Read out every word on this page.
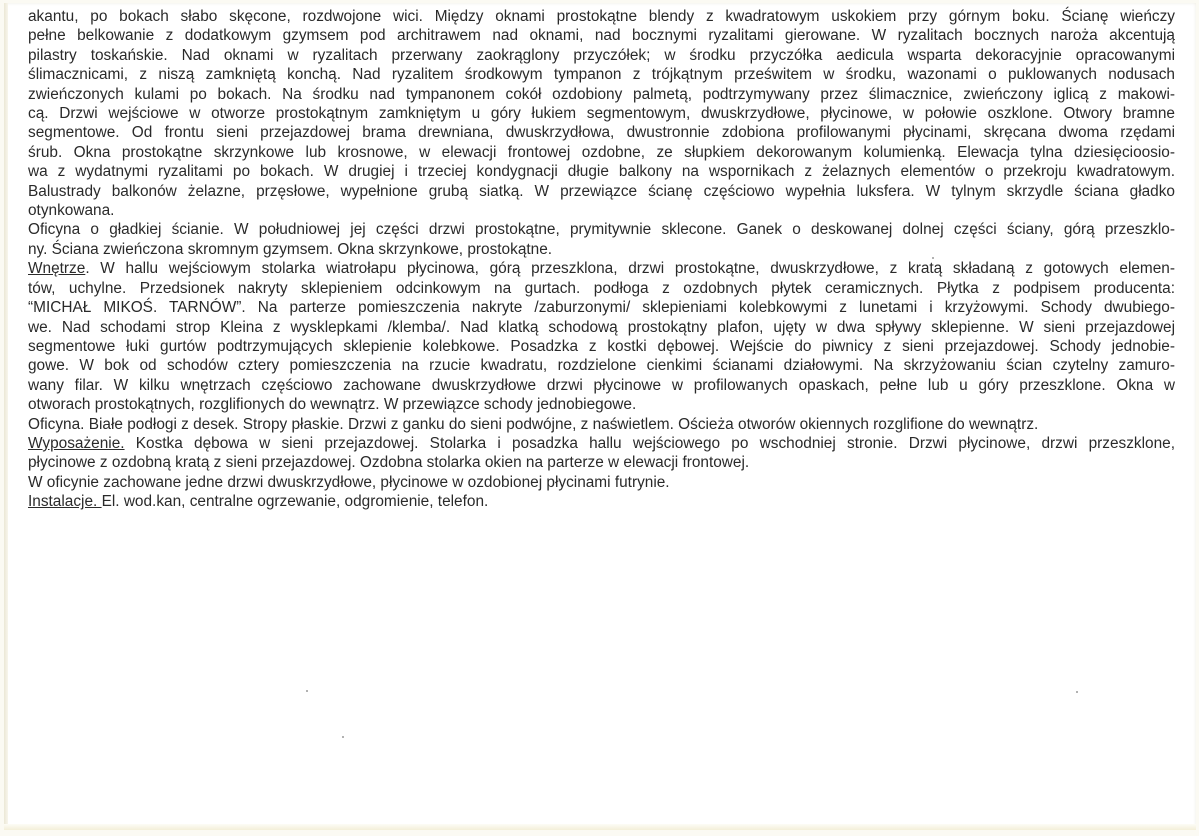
akantu, po bokach słabo skęcone, rozdwojone wici. Między oknami prostokątne blendy z kwadratowym uskokiem przy górnym boku. Ścianę wieńczy
pełne belkowanie z dodatkowym gzymsem pod architrawem nad oknami, nad bocznymi ryzalitami gierowane. W ryzalitach bocznych naroża akcentują
pilastry toskańskie. Nad oknami w ryzalitach przerwany zaokrąglony przyczółek; w środku przyczółka aedicula wsparta dekoracyjnie opracowanymi
ślimacznicami, z niszą zamkniętą konchą. Nad ryzalitem środkowym tympanon z trójkątnym prześwitem w środku, wazonami o puklowanych nodusach
zwieńczonych kulami po bokach. Na środku nad tympanonem cokół ozdobiony palmetą, podtrzymywany przez ślimacznice, zwieńczony iglicą z makowi-
cą. Drzwi wejściowe w otworze prostokątnym zamkniętym u góry łukiem segmentowym, dwuskrzydłowe, płycinowe, w połowie oszklone. Otwory bramne
segmentowe. Od frontu sieni przejazdowej brama drewniana, dwuskrzydłowa, dwustronnie zdobiona profilowanymi płycinami, skręcana dwoma rzędami
śrub. Okna prostokątne skrzynkowe lub krosnowe, w elewacji frontowej ozdobne, ze słupkiem dekorowanym kolumienką. Elewacja tylna dziesięcioosio-
wa z wydatnymi ryzalitami po bokach. W drugiej i trzeciej kondygnacji długie balkony na wspornikach z żelaznych elementów o przekroju kwadratowym.
Balustrady balkonów żelazne, przęsłowe, wypełnione grubą siatką. W przewiązce ścianę częściowo wypełnia luksfera. W tylnym skrzydle ściana gładko
otynkowana.
Oficyna o gładkiej ścianie. W południowej jej części drzwi prostokątne, prymitywnie sklecone. Ganek o deskowanej dolnej części ściany, górą przeszklo-
ny. Ściana zwieńczona skromnym gzymsem. Okna skrzynkowe, prostokątne.
Wnętrze. W hallu wejściowym stolarka wiatrołapu płycinowa, górą przeszklona, drzwi prostokątne, dwuskrzydłowe, z kratą składaną z gotowych elemen-
tów, uchylne. Przedsionek nakryty sklepieniem odcinkowym na gurtach. podłoga z ozdobnych płytek ceramicznych. Płytka z podpisem producenta:
“MICHAŁ MIKOŚ. TARNÓW”. Na parterze pomieszczenia nakryte /zaburzonymi/ sklepieniami kolebkowymi z lunetami i krzyżowymi. Schody dwubiego-
we. Nad schodami strop Kleina z wysklepkami /klemba/. Nad klatką schodową prostokątny plafon, ujęty w dwa spływy sklepienne. W sieni przejazdowej
segmentowe łuki gurtów podtrzymujących sklepienie kolebkowe. Posadzka z kostki dębowej. Wejście do piwnicy z sieni przejazdowej. Schody jednobie-
gowe. W bok od schodów cztery pomieszczenia na rzucie kwadratu, rozdzielone cienkimi ścianami działowymi. Na skrzyżowaniu ścian czytelny zamuro-
wany filar. W kilku wnętrzach częściowo zachowane dwuskrzydłowe drzwi płycinowe w profilowanych opaskach, pełne lub u góry przeszklone. Okna w
otworach prostokątnych, rozglifionych do wewnątrz. W przewiązce schody jednobiegowe.
Oficyna. Białe podłogi z desek. Stropy płaskie. Drzwi z ganku do sieni podwójne, z naświetlem. Ościeża otworów okiennych rozglifione do wewnątrz.
Wyposażenie. Kostka dębowa w sieni przejazdowej. Stolarka i posadzka hallu wejściowego po wschodniej stronie. Drzwi płycinowe, drzwi przeszklone,
płycinowe z ozdobną kratą z sieni przejazdowej. Ozdobna stolarka okien na parterze w elewacji frontowej.
W oficynie zachowane jedne drzwi dwuskrzydłowe, płycinowe w ozdobionej płycinami futrynie.
Instalacje. El. wod.kan, centralne ogrzewanie, odgromienie, telefon.
